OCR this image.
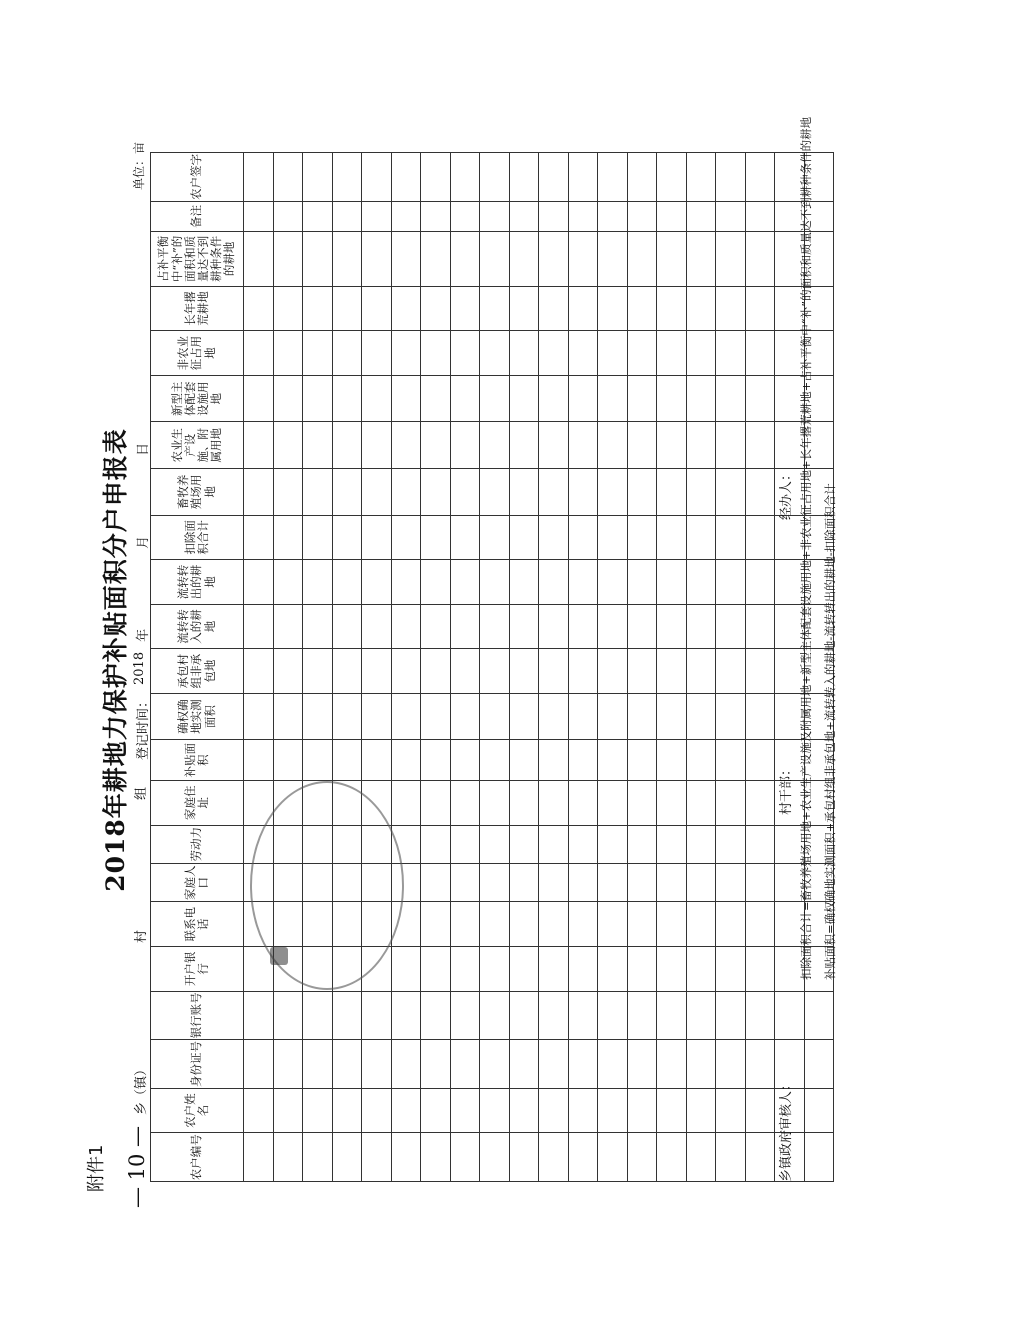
附件1
2018年耕地力保护补贴面积分户申报表
乡（镇）
村
组
登记时间：
2018
年
月
日
单位：亩
农户编号	农户姓名	身份证号	银行账号	开户银行	联系电话	家庭人口	劳动力	家庭住址	补贴面积	确权确地实测面积	承包村组非承包地	流转转入的耕地	流转转出的耕地	扣除面积合计	畜牧养殖场用地	农业生产设施、附属用地	新型主体配套设施用地	非农业征占用地	长年撂荒耕地	占补平衡中“补”的面积和质量达不到耕种条件的耕地	备注	农户签字

乡镇政府审核人：
村干部：
经办人： 扣除面积合计=畜牧养殖场用地+农业生产设施及附属用地+新型主体配套设施用地+非农业征占用地+长年撂荒耕地+占补平衡中“补”的面积和质量达不到耕种条件的耕地 补贴面积=确权确地实测面积+承包村组非承包地+流转转入的耕地-流转转出的耕地-扣除面积合计
— 10 —
